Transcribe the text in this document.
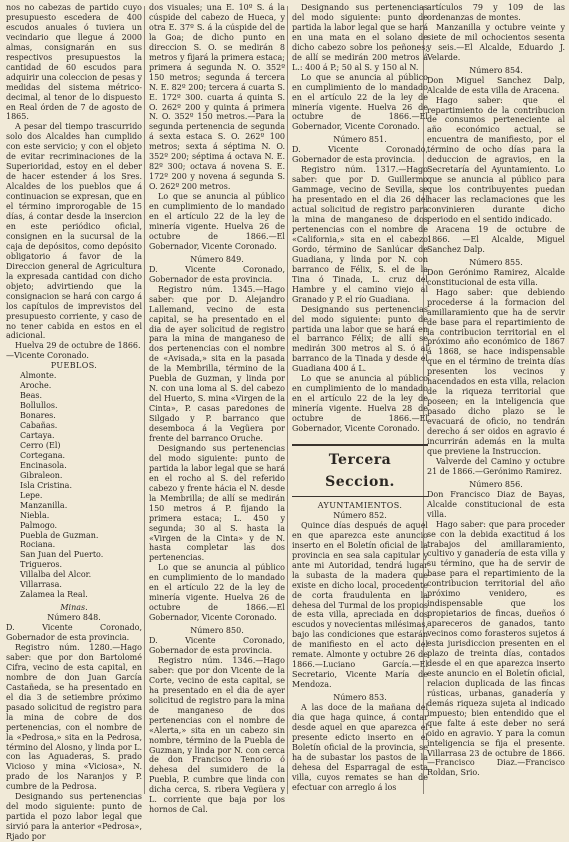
nos no cabezas de partido cuyo presupuesto escedera de 400 escudos anuales ó tuviera un vecindario que llegue á 2000 almas, consignarán en sus respectivos presupuestos la cantidad de 60 escudos para adquirir una coleccion de pesas y medidas del sistema métrico-decimal, al tenor de lo dispuesto en Real órden de 7 de agosto de 1865.

A pesar del tiempo trascurrido solo dos Alcaldes han cumplido con este servicio; y con el objeto de evitar recriminaciones de la Superioridad, estoy en el deber de hacer estender á los Sres. Alcaldes de los pueblos que á continuacion se expresan, que en el término improrogable de 15 días, á contar desde la insercion en este periódico oficial, consignen en la sucursal de la caja de depósitos, como depósito obligatorio á favor de la Direccion general de Agricultura la expresada cantidad con dicho objeto; advirtiendo que la consignacion se hará con cargo á los capítulos de imprevistos del presupuesto corriente, y caso de no tener cabida en estos en el adicional.

Huelva 29 de octubre de 1866.

—Vicente Coronado.

PUEBLOS.

Almonte.

Aroche.

Beas.

Bollullos.

Bonares.

Cabañas.

Cartaya.

Cerro (El)

Cortegana.

Encinasola.

Gibraleon.

Isla Cristina.

Lepe.

Manzanilla.

Niebla.

Palmogo.

Puebla de Guzman.

Rociana.

San Juan del Puerto.

Trigueros.

Villalba del Alcor.

Villarrasa.

Zalamea la Real.

Minas.

Número 848.

D. Vicente Coronado, Gobernador de esta provincia.

Registro núm. 1280.—Hago saber: que por don Bartolomé Cifra, vecino de esta capital, en nombre de don Juan García Castañeda, se ha presentado en el dia 3 de setiembre próximo pasado solicitud de registro para la mina de cobre de dos pertenencias, con el nombre de la «Pedrosa,» sita en la Pedrosa, término del Alosno, y linda por L. con las Aguaderas, S. prado Vicioso y mina «Viciosa», N. prado de los Naranjos y P. cumbre de la Pedrosa.

Designando sus pertenencias del modo siguiente: punto de partida el pozo labor legal que sirvió para la anterior «Pedrosa», Rjado por

dos visuales; una E. 10º S. á la cúspide del cabezo de Hueca, y otra E. 37º S. á la cúspide del de la Goa; de dicho punto en direccion S. O. se medirán 8 metros y fijará la primera estaca; primera á segunda N. O. 352º 150 metros; segunda á tercera N. E. 82º 200; tercera á cuarta S. E. 172º 300. cuarta á quinta S. O. 262º 200 y quinta á primera N. O. 352º 150 metros.—Para la segunda pertenencia de segunda á sexta estaca S. O. 262º 100 metros; sexta á séptima N. O. 352º 200; séptima á octava N. E. 82º 300; octava á novena S. E. 172º 200 y novena á segunda S. O. 262º 200 metros.

Lo que se anuncia al público en cumplimiento de lo mandado en el artículo 22 de la ley de minería vigente. Huelva 26 de octubre de 1866.—El Gobernador, Vicente Coronado.

Número 849.

D. Vicente Coronado, Gobernador de esta provincia.

Registro núm. 1345.—Hago saber: que por D. Alejandro Lallemand, vecino de esta capital, se ha presentado en el dia de ayer solicitud de registro para la mina de manganeso de dos pertenencias con el nombre de «Avisada,» sita en la pasada de la Membrilla, término de la Puebla de Guzman, y linda por N. con una loma al S. del cabezo del Huerto, S. mina «Virgen de la Cinta», P. casas paredones de Silgado y P. barranco que desemboca á la Vegüera por frente del barranco Oruche.

Designando sus pertenencias del modo siguiente: punto de partida la labor legal que se hará en el rocho al S. del referido cabezo y frente hácia el N. desde la Membrilla; de allí se medirán 150 metros á P. fijando la primera estaca; L. 450 y segunda; 30 al S. hasta la «Virgen de la Cinta» y de N. hasta completar las dos pertenencias.

Lo que se anuncia al público en cumplimiento de lo mandado en el artículo 22 de la ley de minería vigente. Huelva 26 de octubre de 1866.—El Gobernador, Vicente Coronado.

Número 850.

D. Vicente Coronado, Gobernador de esta provincia.

Registro núm. 1346.—Hago saber: que por don Vicente de la Corte, vecino de esta capital, se ha presentado en el dia de ayer solicitud de registro para la mina de manganeso de dos pertenencias con el nombre de «Alerta,» sita en un cabezo sin nombre, término de la Puebla de Guzman, y linda por N. con cerca de don Francisco Tenorio ó dehesa del sumidero de la Puebla, P. cumbre que linda con dicha cerca, S. ribera Vegüera y L. corriente que baja por los hornos de Cal.

Designando sus pertenencias del modo siguiente: punto de partida la labor legal que se hará en una mata en el solano de dicho cabezo sobre los peñones; de allí se medirán 200 metros á L.: 400 á P.; 50 al S. y 150 al N.

Lo que se anuncia al público en cumplimiento de lo mandado en el artículo 22 de la ley de minería vigente. Huelva 26 de octubre de 1866.—El Gobernador, Vicente Coronado.

Número 851.

D. Vicente Coronado, Gobernador de esta provincia.

Registro núm. 1317.—Hago saber: que por D. Guillermo Gammage, vecino de Sevilla, se ha presentado en el dia 26 del actual solicitud de registro para la mina de manganeso de dos pertenencias con el nombre de «California,» sita en el cabezo Gordo, término de Sanlúcar de Guadiana, y linda por N. con barranco de Félix, S. el de la Tina ó Tinada, L. cruz del Hambre y el camino viejo al Granado y P. el río Guadiana.

Designando sus pertenencias del modo siguiente: punto de partida una labor que se hará en el barranco Félix; de allí se medirán 300 metros al S. ó al barranco de la Tinada y desde el Guadiana 400 á L.

Lo que se anuncia al público en cumplimiento de lo mandado en el artículo 22 de la ley de minería vigente. Huelva 28 de octubre de 1866.—El Gobernador, Vicente Coronado.

Tercera Seccion.

AYUNTAMIENTOS.

Número 852.

Quince días después de aquel en que aparezca este anuncio inserto en el Boletín oficial de la provincia en sea sala capitular y ante mi Autoridad, tendrá lugar la subasta de la madera que existe en dicho local, procedente de corta fraudulenta en la dehesa del Turmal de los propios de esta villa, apreciada en dos escudos y novecientas milésimas, bajo las condiciones que estarán de manifiesto en el acto del remate. Almonte y octubre 26 de 1866.—Luciano García.—El Secretario, Vicente María de Mendoza.

Número 853.

A las doce de la mañana del dia que haga quince, á contar desde aquel en que aparezca el presente edicto inserto en el Boletín oficial de la provincia, se ha de subastar los pastos de la dehesa del Esparragal de esta villa, cuyos remates se han de efectuar con arreglo á los

artículos 79 y 109 de las ordenanzas de montes.

Manzanilla y octubre veinte y siete de mil ochocientos sesenta y seis.—El Alcalde, Eduardo J. Velarde.

Número 854.

Don Miguel Sanchez Dalp, Alcalde de esta villa de Aracena.

Hago saber: que el repartimiento de la contribucion de consumos perteneciente al año económico actual, se encuentra de manifiesto, por el término de ocho días para la deduccion de agravios, en la Secretaría del Ayuntamiento. Lo que se anuncia al público para que los contribuyentes puedan hacer las reclamaciones que les convinieren durante dicho periodo en el sentido indicado.

Aracena 19 de octubre de 1866. —El Alcalde, Miguel Sanchez Dalp.

Número 855.

Don Gerónimo Ramirez, Alcalde constitucional de esta villa.

Hago saber: que debiendo procederse á la formacion del amillaramiento que ha de servir de base para el repartimiento de la contribucion territorial en el próximo año económico de 1867 á 1868, se hace indispensable que en el término de treinta días presenten los vecinos y hacendados en esta villa, relacion de la riqueza territorial que poseen; en la inteligencia que pasado dicho plazo se le evacuará de oficio, no tendrán derecho á ser oidos en agravio é incurrirán además en la multa que previene la Instruccion.

Valverde del Camino y octubre 21 de 1866.—Gerónimo Ramirez.

Número 856.

Don Francisco Diaz de Bayas, Alcalde constitucional de esta villa.

Hago saber: que para proceder se con la debida exactitud á los trabajos del amillaramiento, cultivo y ganadería de esta villa y su término, que ha de servir de base para el repartimiento de la contribucion territorial del año próximo venidero, es indispensable que los propietarios de fincas, dueños ó apareceros de ganados, tanto vecinos como forasteros sujetos á esta jurisdiccion presenten en el plazo de treinta días, contados desde el en que aparezca inserto este anuncio en el Boletín oficial, relacion duplicada de las fincas rústicas, urbanas, ganadería y demás riqueza sujeta al indicado impuesto; bien entendido que el que falte á este deber no será oido en agravio. Y para la comun inteligencia se fija el presente. Villarrasa 23 de octubre de 1866.—Francisco Diaz.—Francisco Roldan, Srio.
